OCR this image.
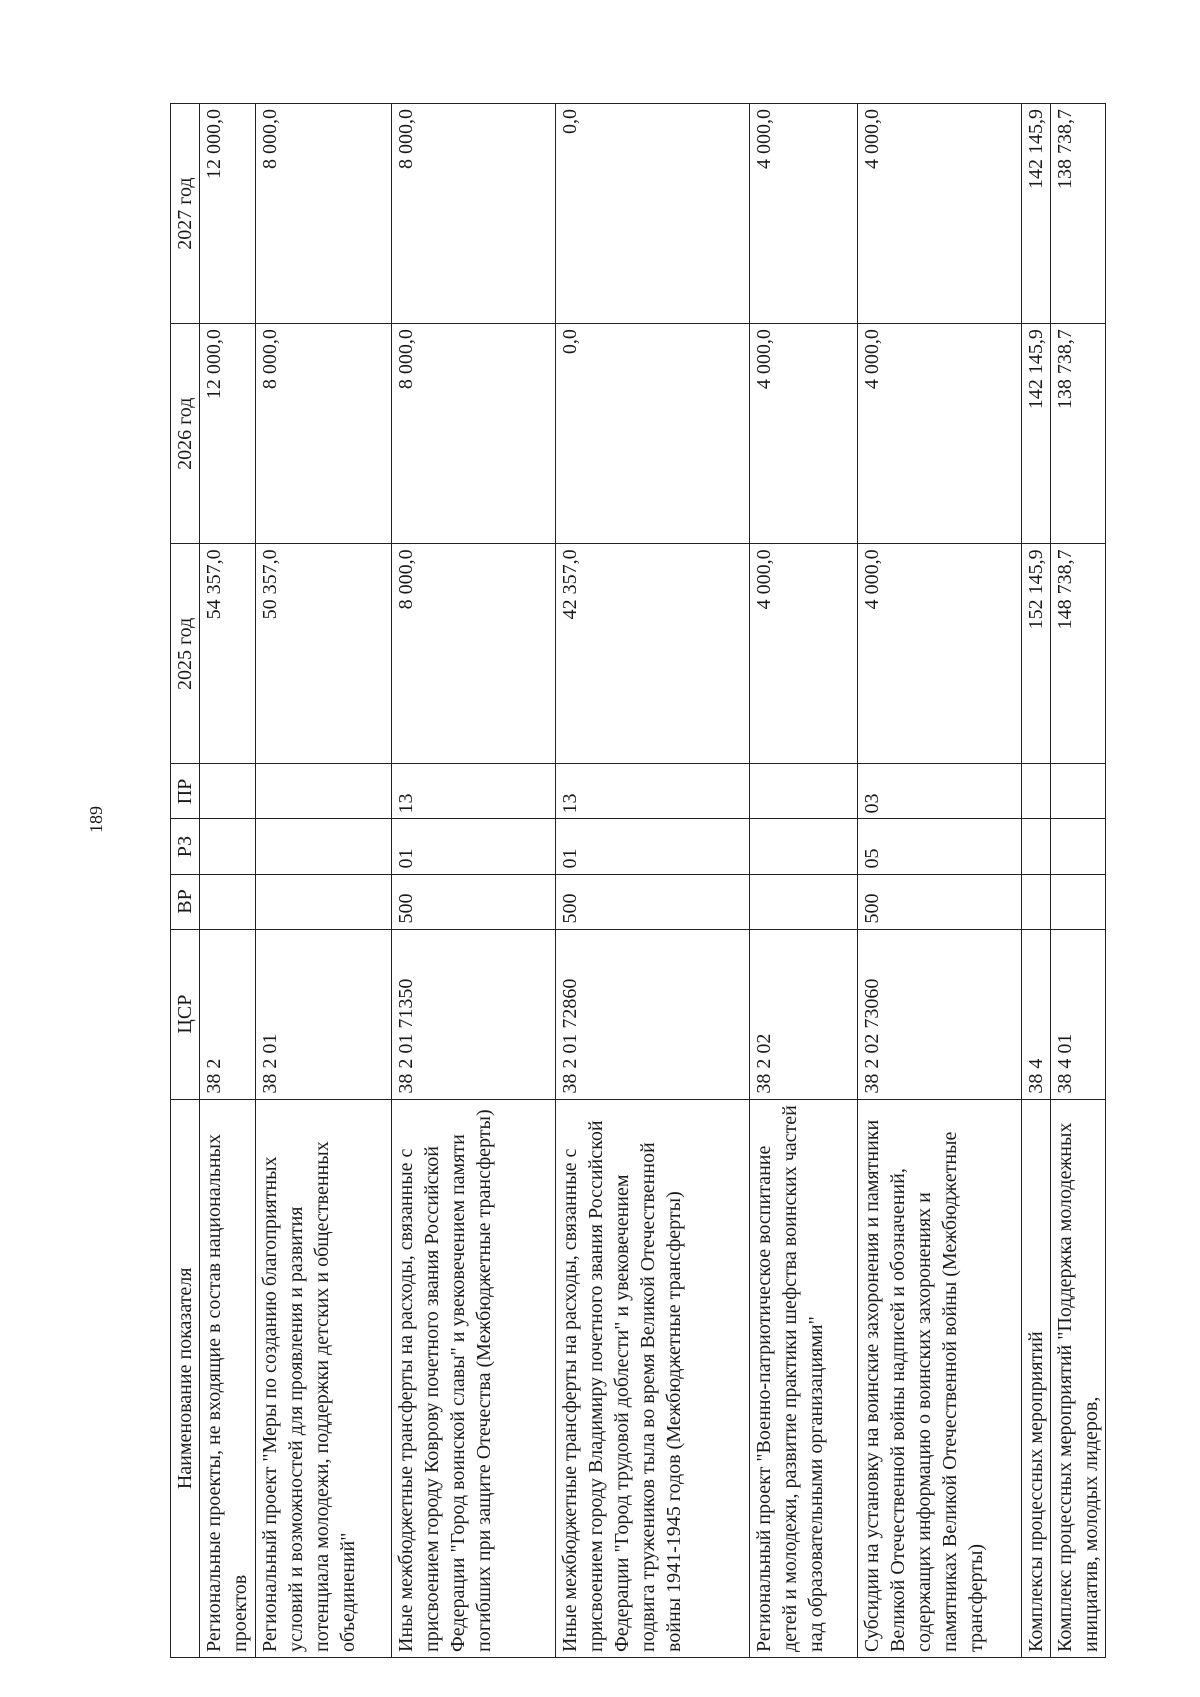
189
Наименование показателя	ЦСР	ВР	РЗ	ПР	2025 год	2026 год	2027 год
Региональные проекты, не входящие в состав национальных проектов	38 2				54 357,0	12 000,0	12 000,0
Региональный проект "Меры по созданию благоприятных условий и возможностей для проявления и развития потенциала молодежи, поддержки детских и общественных объединений"	38 2 01				50 357,0	8 000,0	8 000,0
Иные межбюджетные трансферты на расходы, связанные с присвоением городу Коврову почетного звания Российской Федерации "Город воинской славы" и увековечением памяти погибших при защите Отечества (Межбюджетные трансферты)	38 2 01 71350	500	01	13	8 000,0	8 000,0	8 000,0
Иные межбюджетные трансферты на расходы, связанные с присвоением городу Владимиру почетного звания Российской Федерации "Город трудовой доблести" и увековечением подвига тружеников тыла во время Великой Отечественной войны 1941-1945 годов (Межбюджетные трансферты)	38 2 01 72860	500	01	13	42 357,0	0,0	0,0
Региональный проект "Военно-патриотическое воспитание детей и молодежи, развитие практики шефства воинских частей над образовательными организациями"	38 2 02				4 000,0	4 000,0	4 000,0
Субсидии на установку на воинские захоронения и памятники Великой Отечественной войны надписей и обозначений, содержащих информацию о воинских захоронениях и памятниках Великой Отечественной войны (Межбюджетные трансферты)	38 2 02 73060	500	05	03	4 000,0	4 000,0	4 000,0
Комплексы процессных мероприятий	38 4				152 145,9	142 145,9	142 145,9
Комплекс процессных мероприятий "Поддержка молодежных инициатив, молодых лидеров,	38 4 01				148 738,7	138 738,7	138 738,7
